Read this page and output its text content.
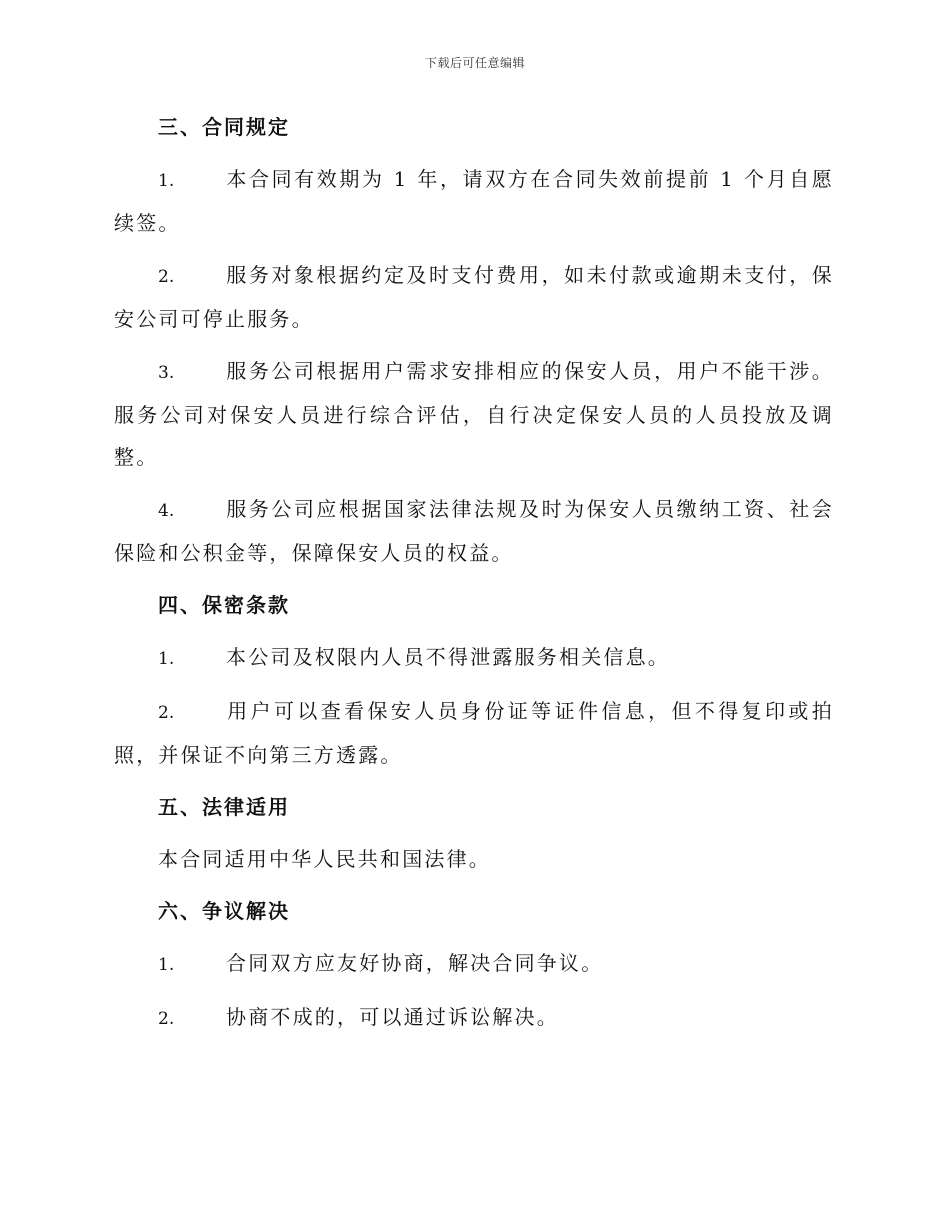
下载后可任意编辑
三、合同规定

1.	本合同有效期为 1 年，请双方在合同失效前提前 1 个月自愿续签。

2.	服务对象根据约定及时支付费用，如未付款或逾期未支付，保安公司可停止服务。

3.	服务公司根据用户需求安排相应的保安人员，用户不能干涉。服务公司对保安人员进行综合评估，自行决定保安人员的人员投放及调整。

4.	服务公司应根据国家法律法规及时为保安人员缴纳工资、社会保险和公积金等，保障保安人员的权益。

四、保密条款

1.	本公司及权限内人员不得泄露服务相关信息。

2.	用户可以查看保安人员身份证等证件信息，但不得复印或拍照，并保证不向第三方透露。

五、法律适用

本合同适用中华人民共和国法律。

六、争议解决

1.	合同双方应友好协商，解决合同争议。

2.	协商不成的，可以通过诉讼解决。
